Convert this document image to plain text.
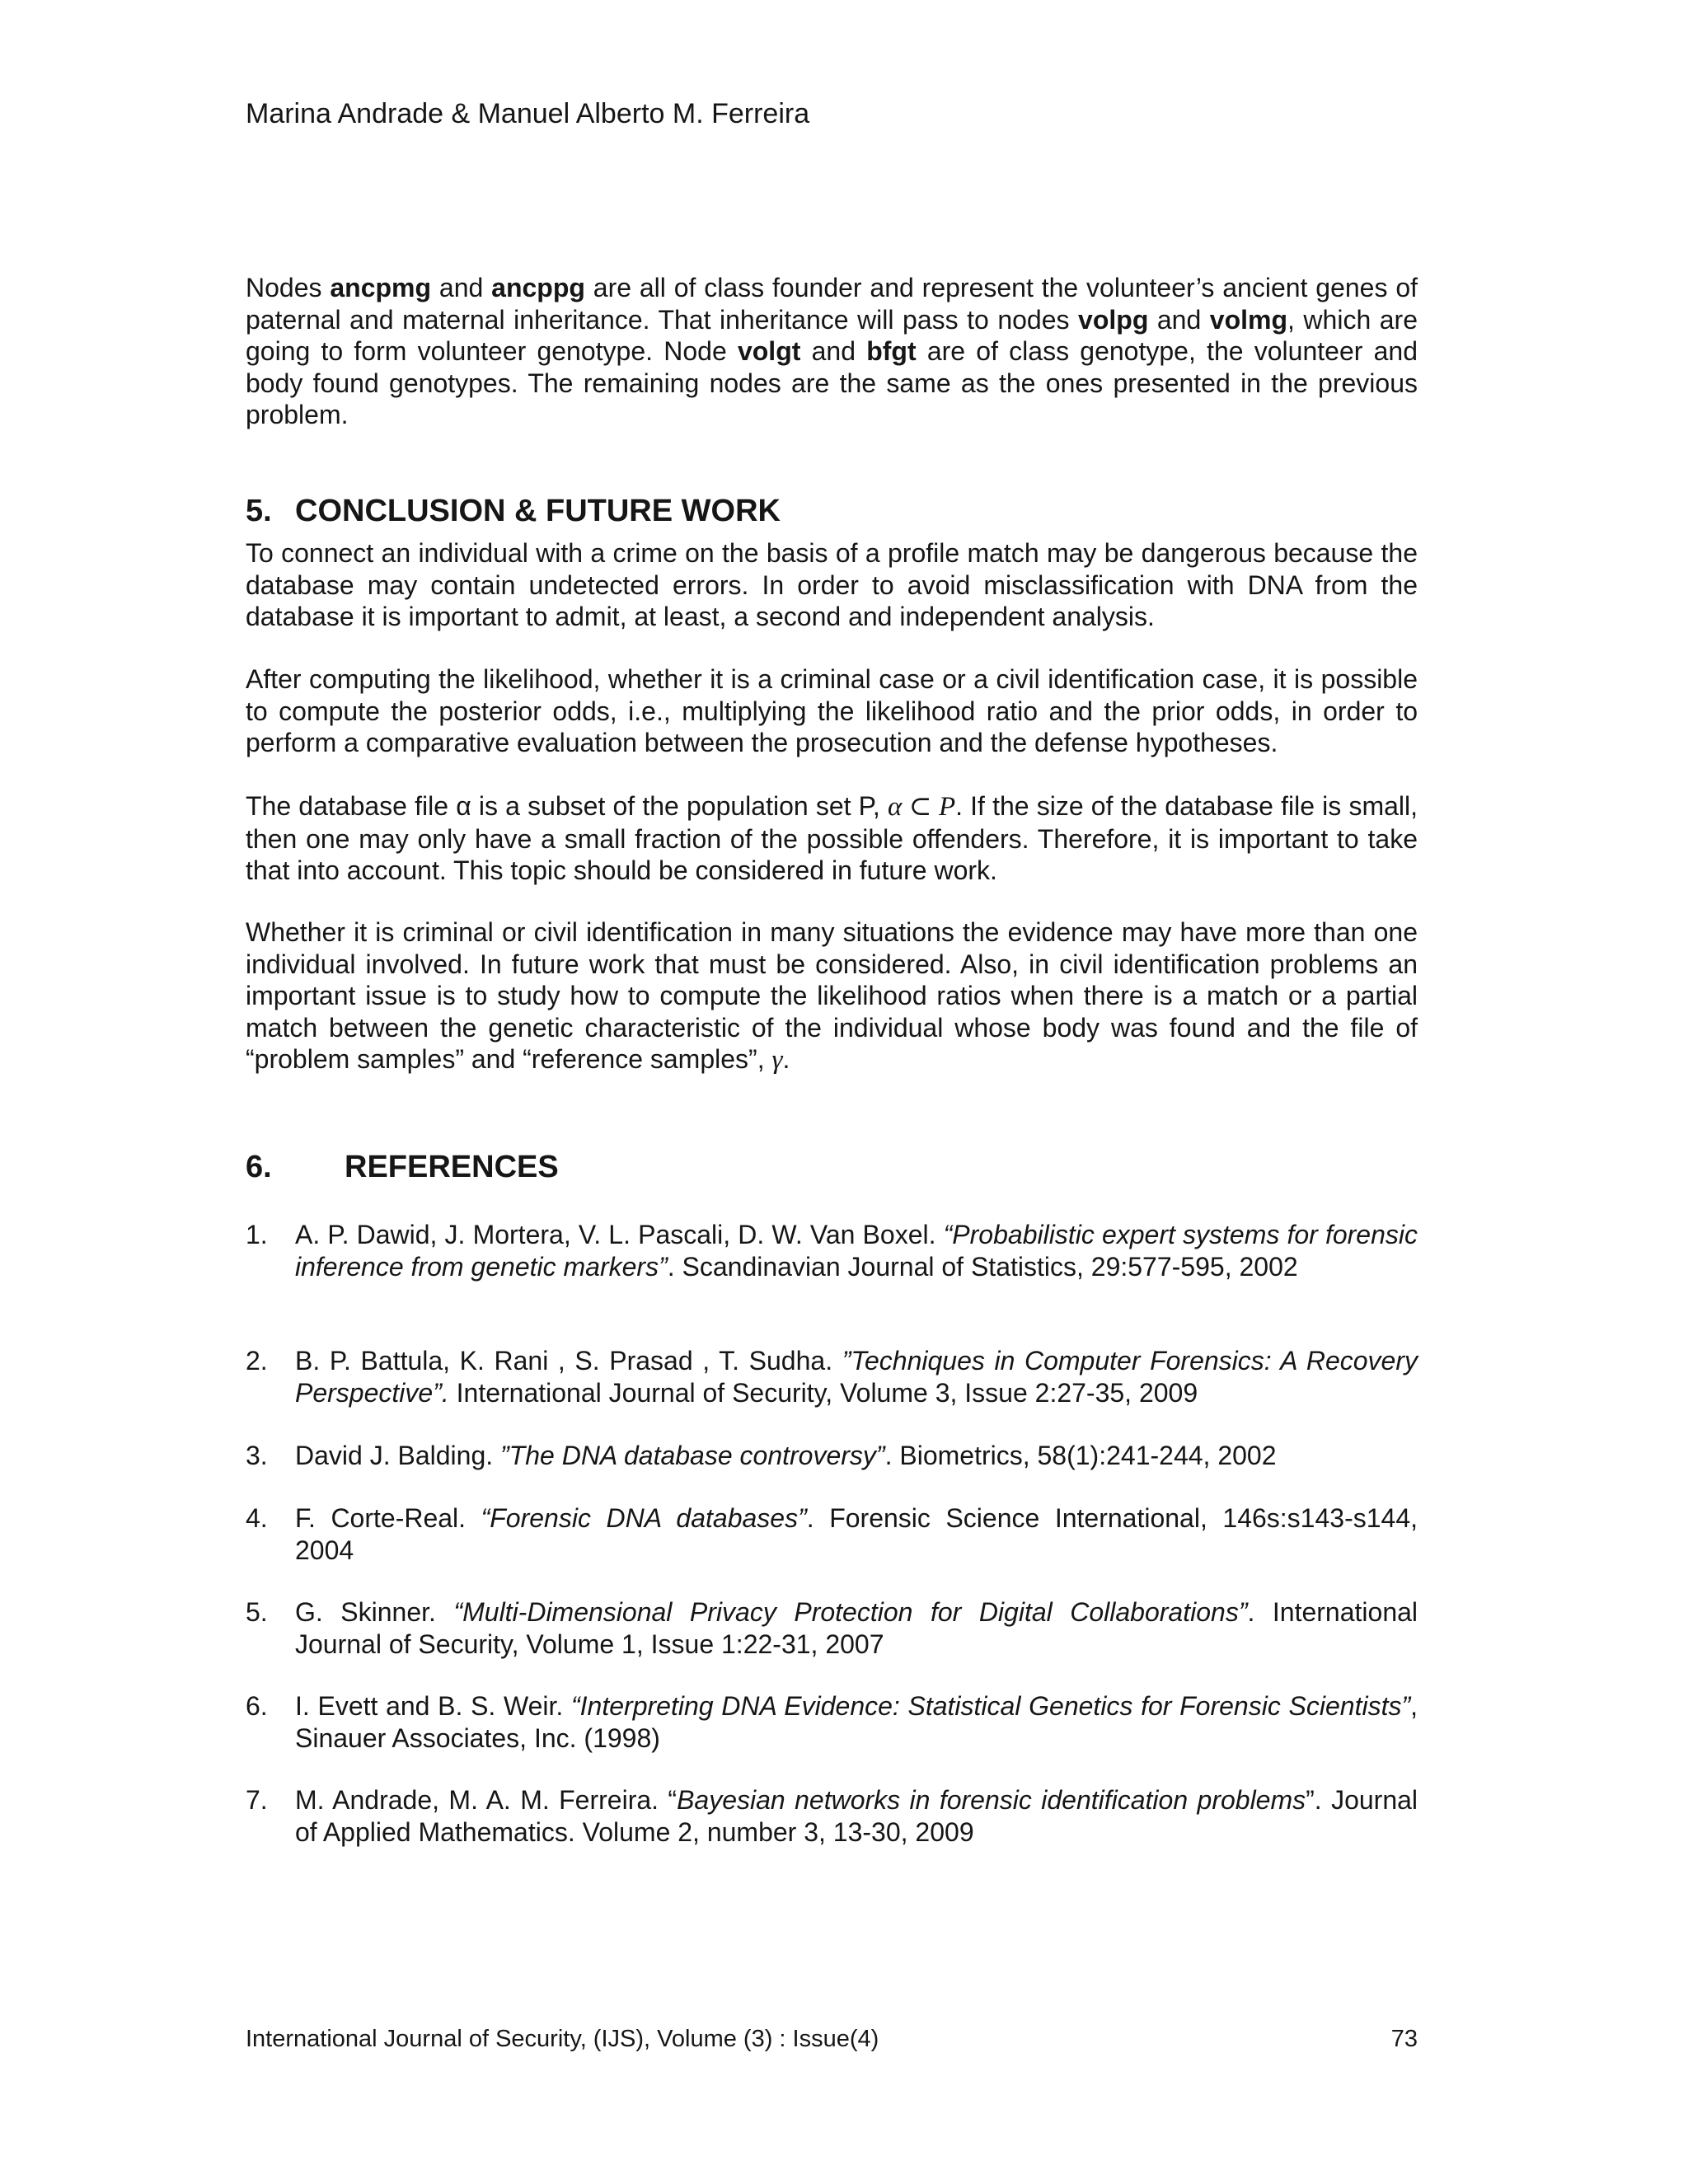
Marina Andrade & Manuel Alberto M. Ferreira

Nodes ancpmg and ancppg are all of class founder and represent the volunteer’s ancient genes of paternal and maternal inheritance. That inheritance will pass to nodes volpg and volmg, which are going to form volunteer genotype. Node volgt and bfgt are of class genotype, the volunteer and body found genotypes. The remaining nodes are the same as the ones presented in the previous problem.

5. CONCLUSION & FUTURE WORK

To connect an individual with a crime on the basis of a profile match may be dangerous because the database may contain undetected errors. In order to avoid misclassification with DNA from the database it is important to admit, at least, a second and independent analysis.

After computing the likelihood, whether it is a criminal case or a civil identification case, it is possible to compute the posterior odds, i.e., multiplying the likelihood ratio and the prior odds, in order to perform a comparative evaluation between the prosecution and the defense hypotheses.

The database file α is a subset of the population set P, α ⊂ P. If the size of the database file is small, then one may only have a small fraction of the possible offenders. Therefore, it is important to take that into account. This topic should be considered in future work.

Whether it is criminal or civil identification in many situations the evidence may have more than one individual involved. In future work that must be considered. Also, in civil identification problems an important issue is to study how to compute the likelihood ratios when there is a match or a partial match between the genetic characteristic of the individual whose body was found and the file of “problem samples” and “reference samples”, γ.

6. REFERENCES
1.	A. P. Dawid, J. Mortera, V. L. Pascali, D. W. Van Boxel. “Probabilistic expert systems for forensic inference from genetic markers”. Scandinavian Journal of Statistics, 29:577-595, 2002
2.	B. P. Battula, K. Rani , S. Prasad , T. Sudha. ”Techniques in Computer Forensics: A Recovery Perspective”. International Journal of Security, Volume 3, Issue 2:27-35, 2009
3.	David J. Balding. ”The DNA database controversy”. Biometrics, 58(1):241-244, 2002
4.	F. Corte-Real. “Forensic DNA databases”. Forensic Science International, 146s:s143-s144, 2004
5.	G. Skinner. “Multi-Dimensional Privacy Protection for Digital Collaborations”. International Journal of Security, Volume 1, Issue 1:22-31, 2007
6.	I. Evett and B. S. Weir. “Interpreting DNA Evidence: Statistical Genetics for Forensic Scientists”, Sinauer Associates, Inc. (1998)
7.	M. Andrade, M. A. M. Ferreira. “Bayesian networks in forensic identification problems”. Journal of Applied Mathematics. Volume 2, number 3, 13-30, 2009
International Journal of Security, (IJS), Volume (3) : Issue(4)	73
